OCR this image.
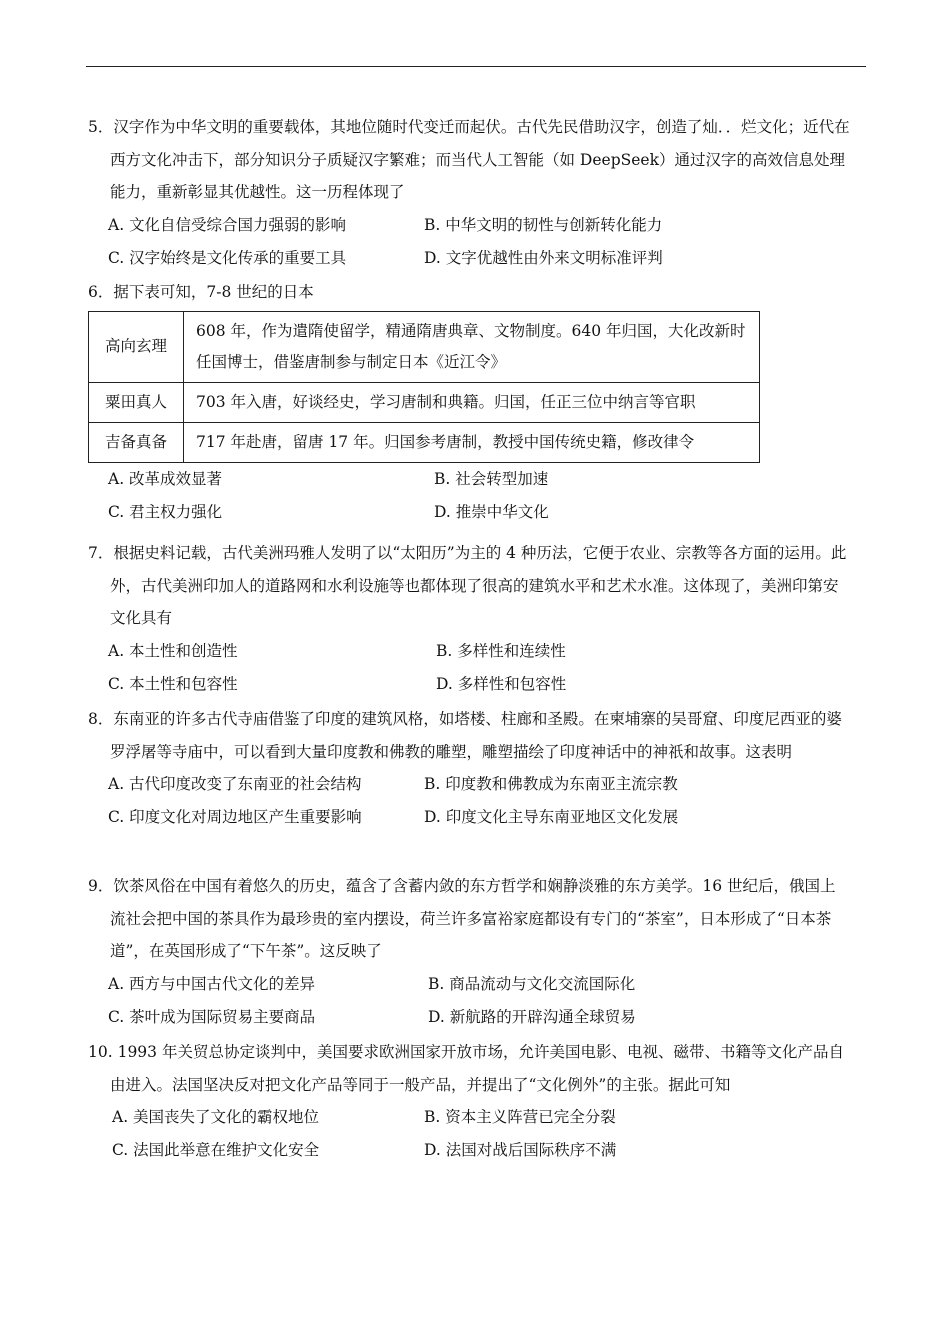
5．汉字作为中华文明的重要载体，其地位随时代变迁而起伏。古代先民借助汉字，创造了灿．．烂文化；近代在西方文化冲击下，部分知识分子质疑汉字繁难；而当代人工智能（如 DeepSeek）通过汉字的高效信息处理能力，重新彰显其优越性。这一历程体现了
A. 文化自信受综合国力强弱的影响	B. 中华文明的韧性与创新转化能力
C. 汉字始终是文化传承的重要工具	D. 文字优越性由外来文明标准评判
6．据下表可知，7-8 世纪的日本
高向玄理	608 年，作为遣隋使留学，精通隋唐典章、文物制度。640 年归国，大化改新时任国博士，借鉴唐制参与制定日本《近江令》
粟田真人	703 年入唐，好谈经史，学习唐制和典籍。归国，任正三位中纳言等官职
吉备真备	717 年赴唐，留唐 17 年。归国参考唐制，教授中国传统史籍，修改律令
A. 改革成效显著	B. 社会转型加速
C. 君主权力强化	D. 推崇中华文化
7．根据史料记载，古代美洲玛雅人发明了以“太阳历”为主的 4 种历法，它便于农业、宗教等各方面的运用。此外，古代美洲印加人的道路网和水利设施等也都体现了很高的建筑水平和艺术水准。这体现了，美洲印第安文化具有
A. 本土性和创造性	B. 多样性和连续性
C. 本土性和包容性	D. 多样性和包容性
8．东南亚的许多古代寺庙借鉴了印度的建筑风格，如塔楼、柱廊和圣殿。在柬埔寨的吴哥窟、印度尼西亚的婆罗浮屠等寺庙中，可以看到大量印度教和佛教的雕塑，雕塑描绘了印度神话中的神祇和故事。这表明
A. 古代印度改变了东南亚的社会结构	B. 印度教和佛教成为东南亚主流宗教
C. 印度文化对周边地区产生重要影响	D. 印度文化主导东南亚地区文化发展
9．饮茶风俗在中国有着悠久的历史，蕴含了含蓄内敛的东方哲学和娴静淡雅的东方美学。16 世纪后，俄国上流社会把中国的茶具作为最珍贵的室内摆设，荷兰许多富裕家庭都设有专门的“茶室”，日本形成了“日本茶道”，在英国形成了“下午茶”。这反映了
A. 西方与中国古代文化的差异	B. 商品流动与文化交流国际化
C. 茶叶成为国际贸易主要商品	D. 新航路的开辟沟通全球贸易
10. 1993 年关贸总协定谈判中，美国要求欧洲国家开放市场，允许美国电影、电视、磁带、书籍等文化产品自由进入。法国坚决反对把文化产品等同于一般产品，并提出了“文化例外”的主张。据此可知
A. 美国丧失了文化的霸权地位	B. 资本主义阵营已完全分裂
C. 法国此举意在维护文化安全	D. 法国对战后国际秩序不满
